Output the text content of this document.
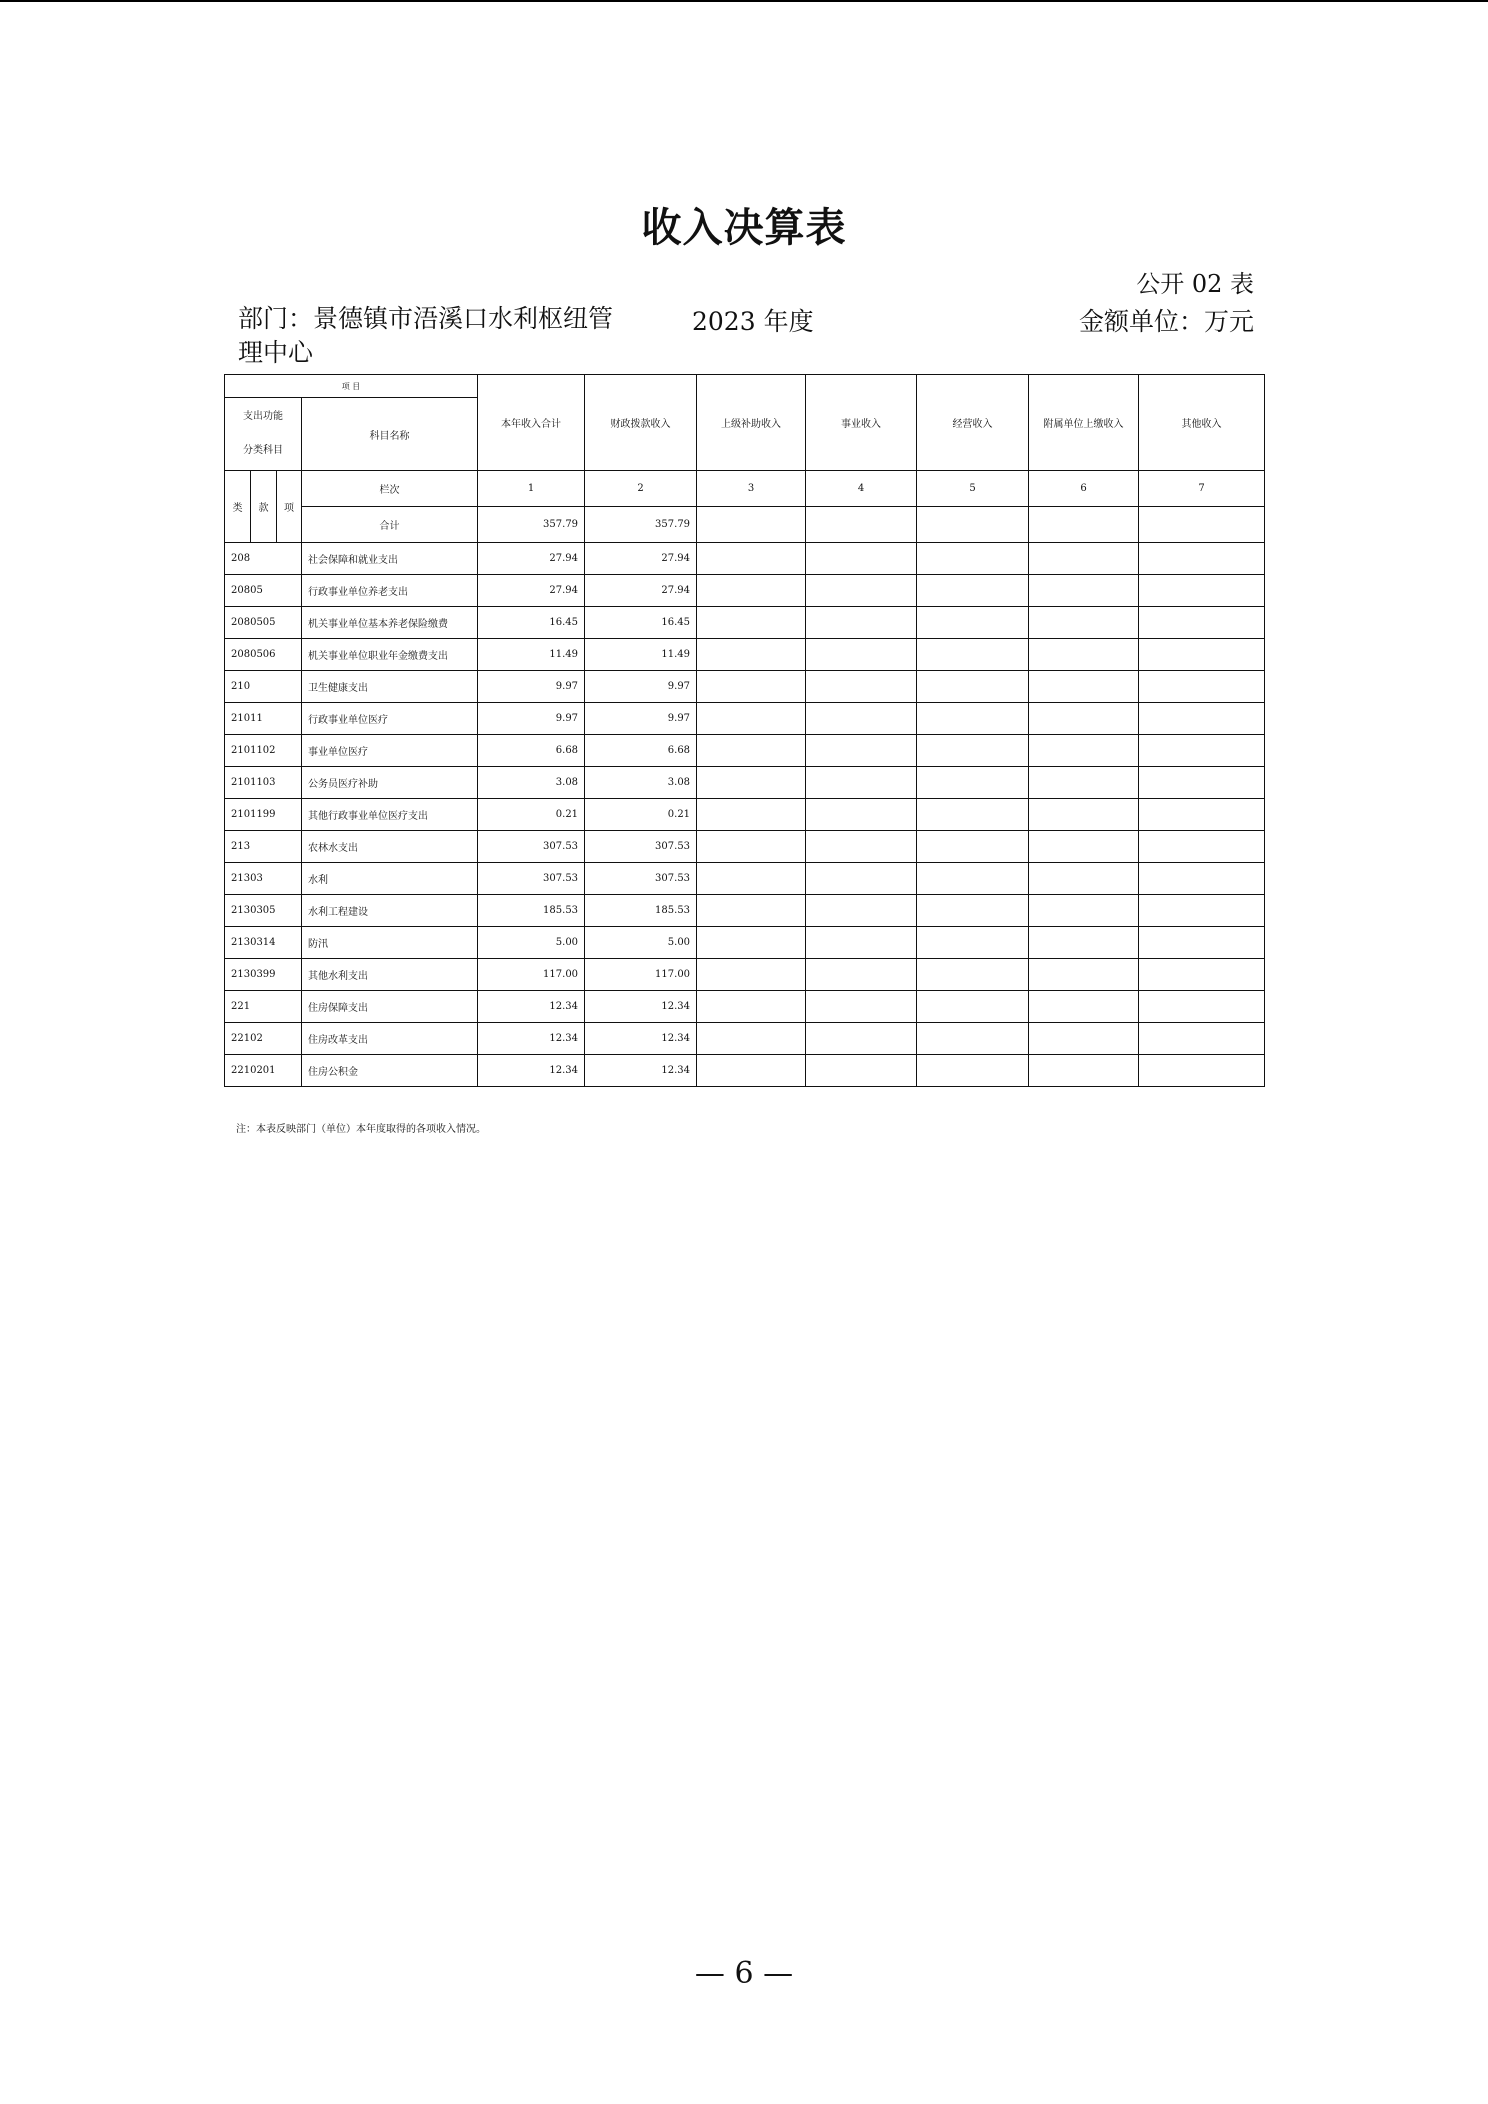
收入决算表
公开 02 表
部门：景德镇市浯溪口水利枢纽管理中心
2023 年度	金额单位：万元
项 目				本年收入合计	财政拨款收入	上级补助收入	事业收入	经营收入	附属单位上缴收入	其他收入

支出功能
分类科目			科目名称							
类	款	项	栏次	1	2	3	4	5	6	7
			合计	357.79	357.79					
208			社会保障和就业支出	27.94	27.94					
20805			行政事业单位养老支出	27.94	27.94					
2080505			机关事业单位基本养老保险缴费	16.45	16.45					
2080506			机关事业单位职业年金缴费支出	11.49	11.49					
210			卫生健康支出	9.97	9.97					
21011			行政事业单位医疗	9.97	9.97					
2101102			事业单位医疗	6.68	6.68					
2101103			公务员医疗补助	3.08	3.08					
2101199			其他行政事业单位医疗支出	0.21	0.21					
213			农林水支出	307.53	307.53					
21303			水利	307.53	307.53					
2130305			水利工程建设	185.53	185.53					
2130314			防汛	5.00	5.00					
2130399			其他水利支出	117.00	117.00					
221			住房保障支出	12.34	12.34					
22102			住房改革支出	12.34	12.34					
2210201			住房公积金	12.34	12.34					
注：本表反映部门（单位）本年度取得的各项收入情况。
— 6 —
